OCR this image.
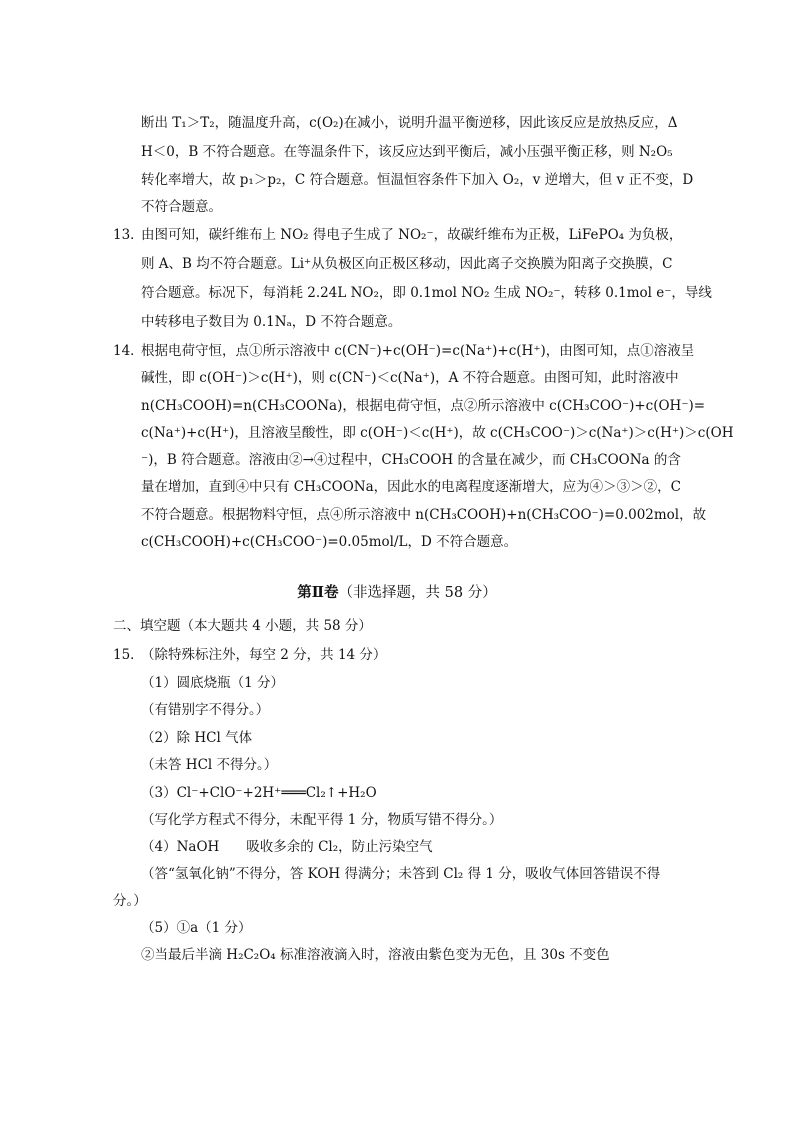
断出 T₁＞T₂，随温度升高，c(O₂)在减小，说明升温平衡逆移，因此该反应是放热反应，Δ
H＜0，B 不符合题意。在等温条件下，该反应达到平衡后，减小压强平衡正移，则 N₂O₅
转化率增大，故 p₁＞p₂，C 符合题意。恒温恒容条件下加入 O₂，v 逆增大，但 v 正不变，D
不符合题意。
13．
由图可知，碳纤维布上 NO₂ 得电子生成了 NO₂⁻，故碳纤维布为正极，LiFePO₄ 为负极，
则 A、B 均不符合题意。Li⁺从负极区向正极区移动，因此离子交换膜为阳离子交换膜，C
符合题意。标况下，每消耗 2.24L NO₂，即 0.1mol NO₂ 生成 NO₂⁻，转移 0.1mol e⁻，导线
中转移电子数目为 0.1Nₐ，D 不符合题意。
14．
根据电荷守恒，点①所示溶液中 c(CN⁻)+c(OH⁻)=c(Na⁺)+c(H⁺)，由图可知，点①溶液呈
碱性，即 c(OH⁻)＞c(H⁺)，则 c(CN⁻)＜c(Na⁺)，A 不符合题意。由图可知，此时溶液中
n(CH₃COOH)=n(CH₃COONa)，根据电荷守恒，点②所示溶液中 c(CH₃COO⁻)+c(OH⁻)=
c(Na⁺)+c(H⁺)，且溶液呈酸性，即 c(OH⁻)＜c(H⁺)，故 c(CH₃COO⁻)＞c(Na⁺)＞c(H⁺)＞c(OH
⁻)，B 符合题意。溶液由②→④过程中，CH₃COOH 的含量在减少，而 CH₃COONa 的含
量在增加，直到④中只有 CH₃COONa，因此水的电离程度逐渐增大，应为④＞③＞②，C
不符合题意。根据物料守恒，点④所示溶液中 n(CH₃COOH)+n(CH₃COO⁻)=0.002mol，故
c(CH₃COOH)+c(CH₃COO⁻)=0.05mol/L，D 不符合题意。
第Ⅱ卷（非选择题，共 58 分）
二、填空题（本大题共 4 小题，共 58 分）
15．
（除特殊标注外，每空 2 分，共 14 分）
（1）圆底烧瓶（1 分）
（有错别字不得分。）
（2）除 HCl 气体
（未答 HCl 不得分。）
（3）Cl⁻+ClO⁻+2H⁺═══Cl₂↑+H₂O
（写化学方程式不得分，未配平得 1 分，物质写错不得分。）
（4）NaOH　　吸收多余的 Cl₂，防止污染空气
（答“氢氧化钠”不得分，答 KOH 得满分；未答到 Cl₂ 得 1 分，吸收气体回答错误不得
分。）
（5）①a（1 分）
②当最后半滴 H₂C₂O₄ 标准溶液滴入时，溶液由紫色变为无色，且 30s 不变色
